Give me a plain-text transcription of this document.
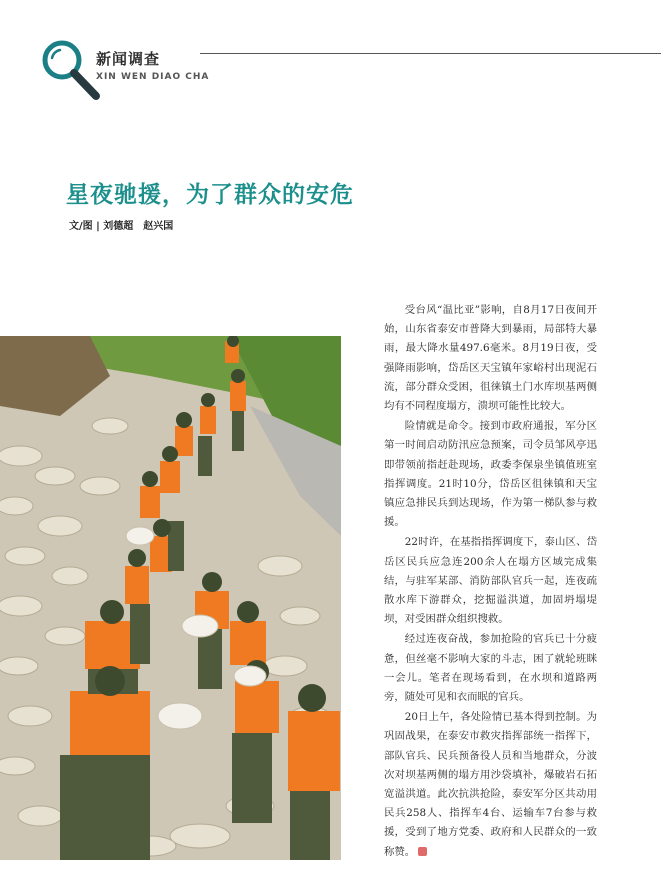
新闻调查
XIN WEN DIAO CHA
星夜驰援，为了群众的安危
文/图 | 刘德超　赵兴国

受台风“温比亚”影响，自8月17日夜间开始，山东省泰安市普降大到暴雨，局部特大暴雨，最大降水量497.6毫米。8月19日夜，受强降雨影响，岱岳区天宝镇年家峪村出现泥石流，部分群众受困，徂徕镇土门水库坝基两侧均有不同程度塌方，溃坝可能性比较大。

险情就是命令。接到市政府通报，军分区第一时间启动防汛应急预案，司令员邹风亭迅即带领前指赶赴现场，政委李保泉坐镇值班室指挥调度。21时10分，岱岳区徂徕镇和天宝镇应急排民兵到达现场，作为第一梯队参与救援。

22时许，在基指指挥调度下，泰山区、岱岳区民兵应急连200余人在塌方区域完成集结，与驻军某部、消防部队官兵一起，连夜疏散水库下游群众，挖掘溢洪道，加固坍塌堤坝，对受困群众组织搜救。

经过连夜奋战，参加抢险的官兵已十分疲惫，但丝毫不影响大家的斗志，困了就轮班眯一会儿。笔者在现场看到，在水坝和道路两旁，随处可见和衣而眠的官兵。

20日上午，各处险情已基本得到控制。为巩固战果，在泰安市救灾指挥部统一指挥下，部队官兵、民兵预备役人员和当地群众，分波次对坝基两侧的塌方用沙袋填补，爆破岩石拓宽溢洪道。此次抗洪抢险，泰安军分区共动用民兵258人、指挥车4台、运输车7台参与救援，受到了地方党委、政府和人民群众的一致称赞。
